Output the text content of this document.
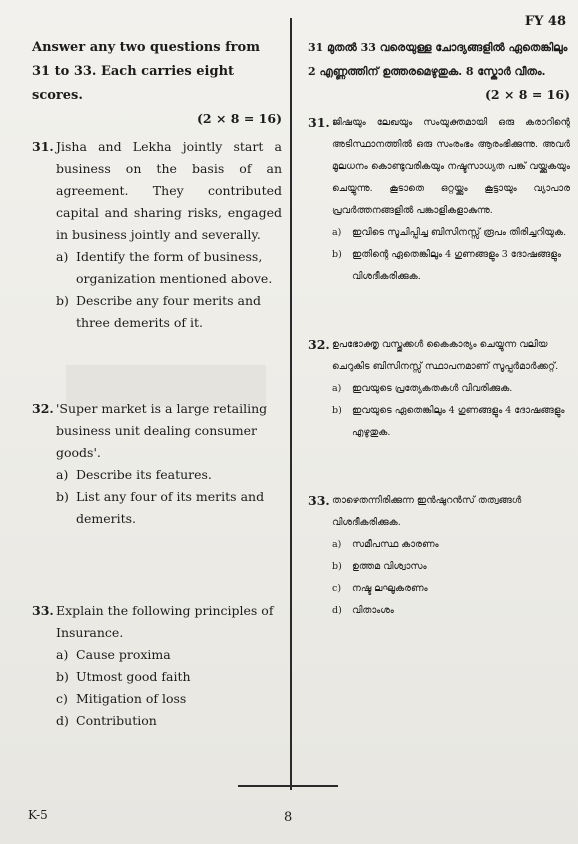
FY 48
Answer any two questions from 31 to 33. Each carries eight scores.
(2 × 8 = 16)
31. Jisha and Lekha jointly start a business on the basis of an agreement. They contributed capital and sharing risks, engaged in business jointly and severally.
a) Identify the form of business, organization mentioned above.
b) Describe any four merits and three demerits of it.
32. 'Super market is a large retailing business unit dealing consumer goods'.
a) Describe its features.
b) List any four of its merits and demerits.
33. Explain the following principles of Insurance.
a) Cause proxima
b) Utmost good faith
c) Mitigation of loss
d) Contribution
31 മുതൽ 33 വരെയുള്ള ചോദ്യങ്ങളിൽ ഏതെങ്കിലും 2 എണ്ണത്തിന് ഉത്തരമെഴുതുക. 8 സ്കോർ വീതം.
(2 × 8 = 16)
31. ജിഷയും ലേഖയും സംയുക്തമായി ഒരു കരാറിന്റെ അടിസ്ഥാനത്തിൽ ഒരു സംരംഭം ആരംഭിക്കുന്നു. അവർ മൂലധനം കൊണ്ടുവരികയും നഷ്ടസാധ്യത പങ്ക് വയ്ക്കുകയും ചെയ്യുന്നു. കൂടാതെ ഒറ്റയ്ക്കും കൂട്ടായും വ്യാപാര പ്രവർത്തനങ്ങളിൽ പങ്കാളികളാകുന്നു.
a)	ഇവിടെ സൂചിപ്പിച്ച ബിസിനസ്സ് രൂപം തിരിച്ചറിയുക.
b)	ഇതിന്റെ ഏതെങ്കിലും 4 ഗുണങ്ങളും 3 ദോഷങ്ങളും വിശദീകരിക്കുക.
32. ഉപഭോക്തൃ വസ്തുക്കൾ കൈകാര്യം ചെയ്യുന്ന വലിയ ചെറുകിട ബിസിനസ്സ് സ്ഥാപനമാണ് സൂപ്പർമാർക്കറ്റ്.
a)	ഇവയുടെ പ്രത്യേകതകൾ വിവരിക്കുക.
b)	ഇവയുടെ ഏതെങ്കിലും 4 ഗുണങ്ങളും 4 ദോഷങ്ങളും എഴുതുക.
33. താഴെതന്നിരിക്കുന്ന ഇൻഷുറൻസ് തത്വങ്ങൾ വിശദീകരിക്കുക.
a)	സമീപസ്ഥ കാരണം
b)	ഉത്തമ വിശ്വാസം
c)	നഷ്ട ലഘൂകരണം
d)	വിതാംശം
K-5	8
